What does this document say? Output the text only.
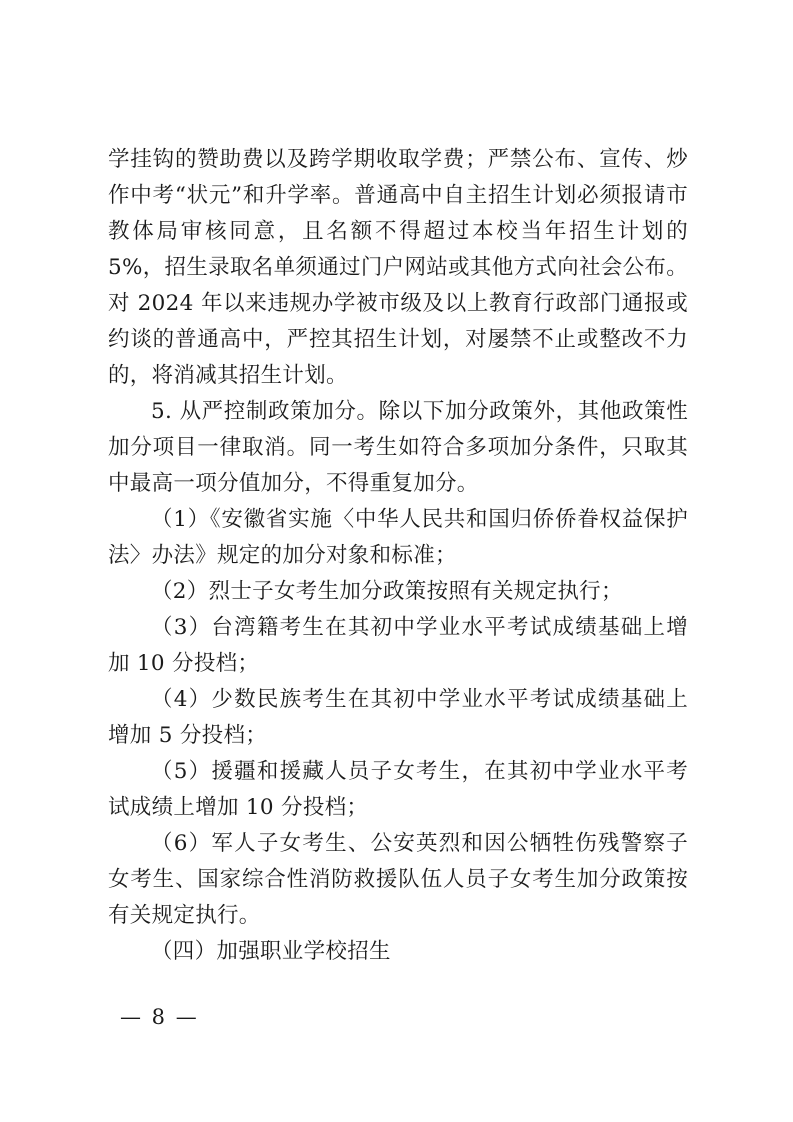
学挂钩的赞助费以及跨学期收取学费；严禁公布、宣传、炒作中考“状元”和升学率。普通高中自主招生计划必须报请市教体局审核同意，且名额不得超过本校当年招生计划的 5%，招生录取名单须通过门户网站或其他方式向社会公布。对 2024 年以来违规办学被市级及以上教育行政部门通报或约谈的普通高中，严控其招生计划，对屡禁不止或整改不力的，将消减其招生计划。

5. 从严控制政策加分。除以下加分政策外，其他政策性加分项目一律取消。同一考生如符合多项加分条件，只取其中最高一项分值加分，不得重复加分。

（1）《安徽省实施〈中华人民共和国归侨侨眷权益保护法〉办法》规定的加分对象和标准；

（2）烈士子女考生加分政策按照有关规定执行；

（3）台湾籍考生在其初中学业水平考试成绩基础上增加 10 分投档；

（4）少数民族考生在其初中学业水平考试成绩基础上增加 5 分投档；

（5）援疆和援藏人员子女考生，在其初中学业水平考试成绩上增加 10 分投档；

（6）军人子女考生、公安英烈和因公牺牲伤残警察子女考生、国家综合性消防救援队伍人员子女考生加分政策按有关规定执行。

（四）加强职业学校招生

— 8 —
